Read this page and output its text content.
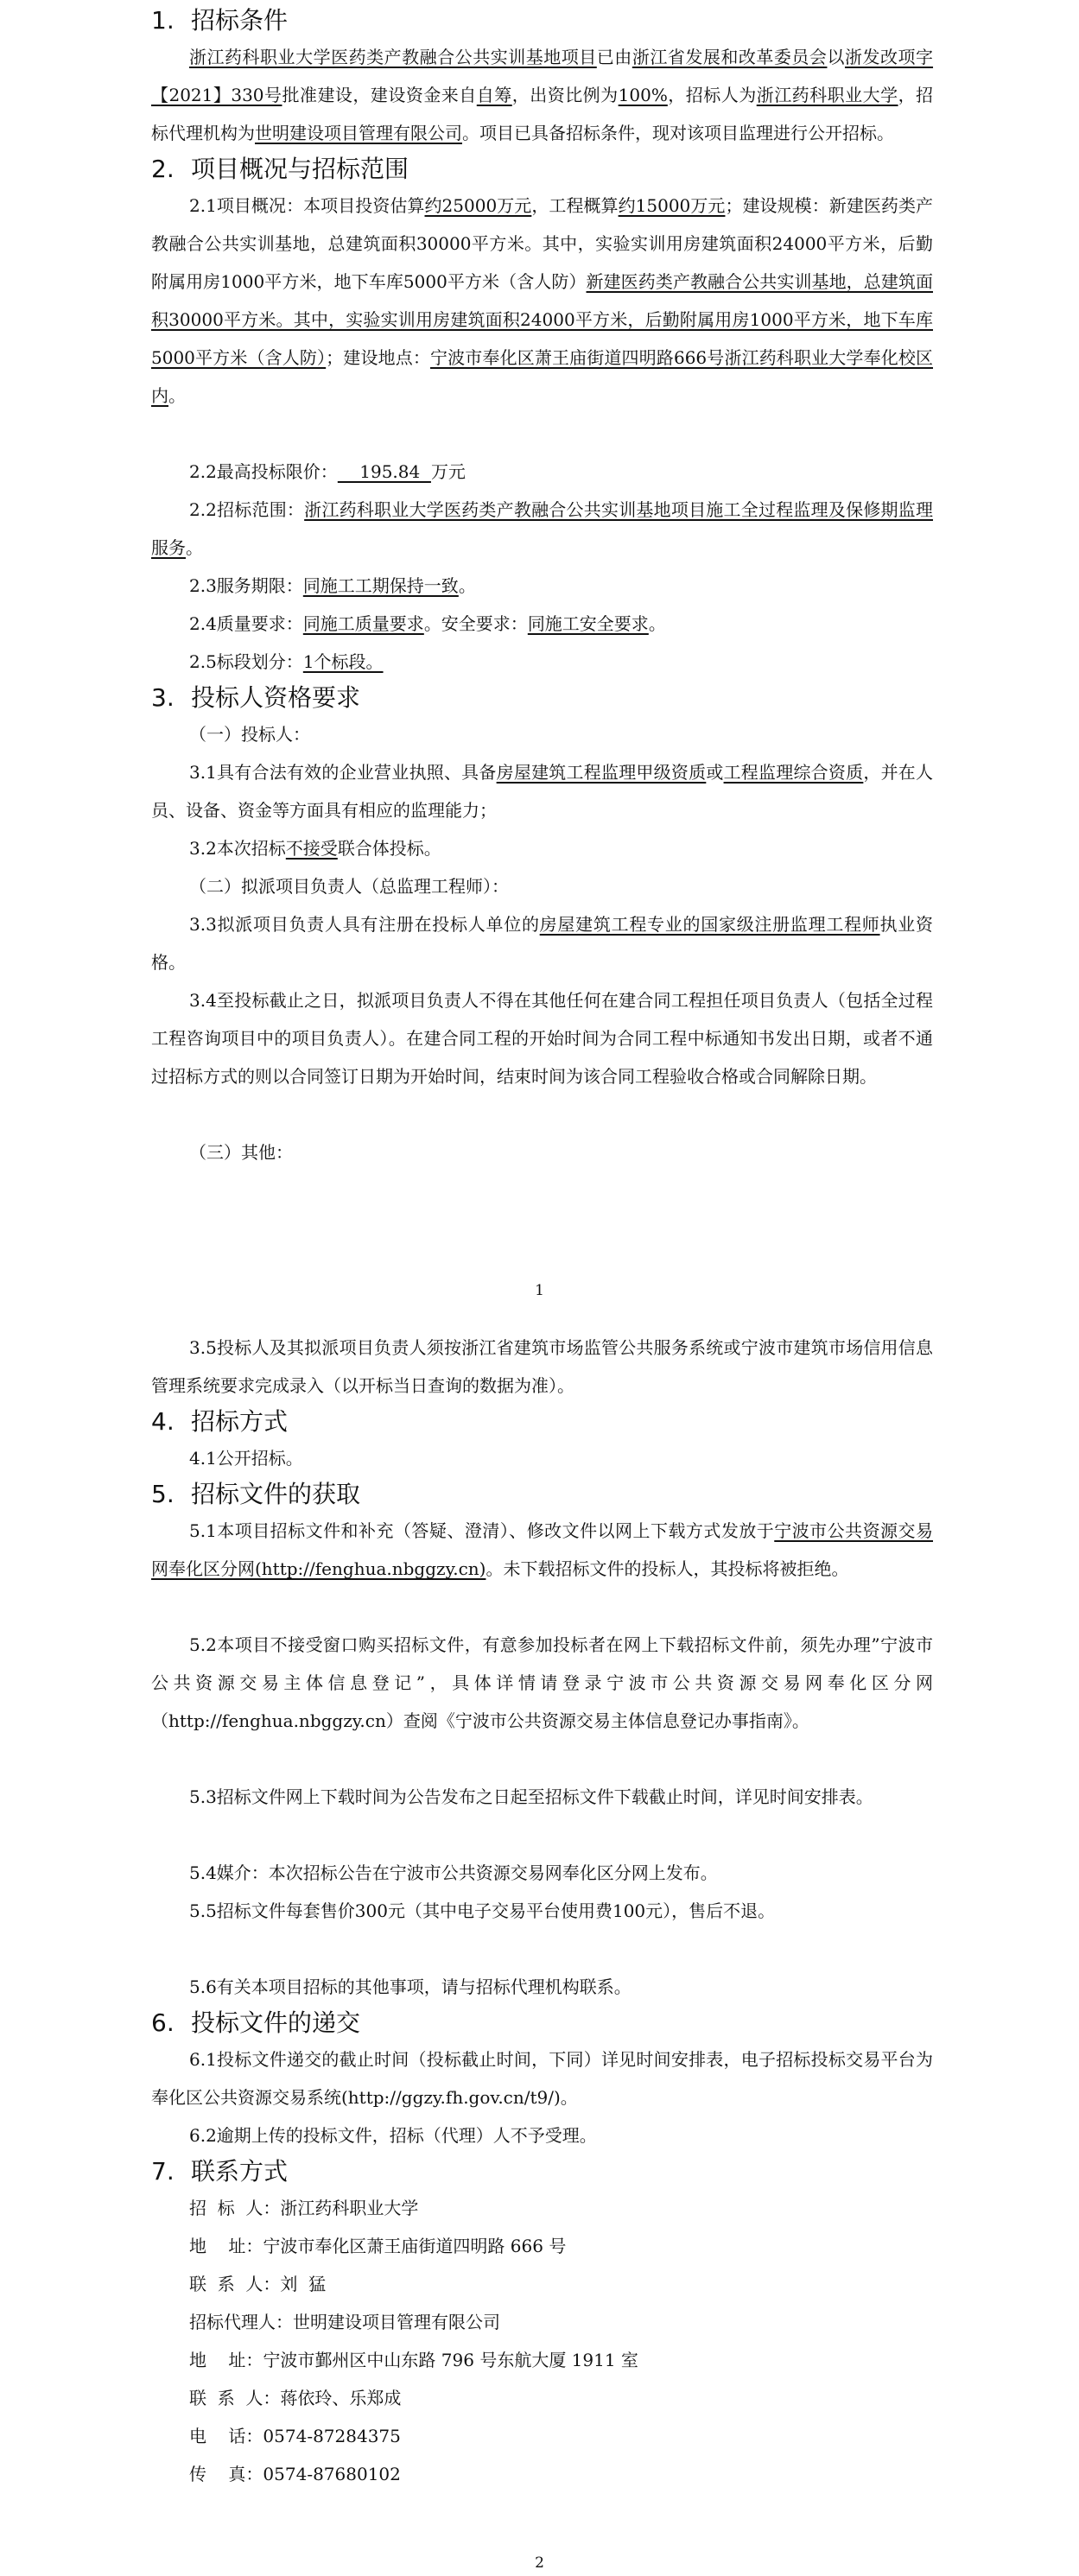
1. 招标条件

浙江药科职业大学医药类产教融合公共实训基地项目已由浙江省发展和改革委员会以浙发改项字【2021】330号批准建设，建设资金来自自筹，出资比例为100%，招标人为浙江药科职业大学，招标代理机构为世明建设项目管理有限公司。项目已具备招标条件，现对该项目监理进行公开招标。

2. 项目概况与招标范围

2.1项目概况：本项目投资估算约25000万元，工程概算约15000万元；建设规模：新建医药类产教融合公共实训基地，总建筑面积30000平方米。其中，实验实训用房建筑面积24000平方米，后勤附属用房1000平方米，地下车库5000平方米（含人防）新建医药类产教融合公共实训基地，总建筑面积30000平方米。其中，实验实训用房建筑面积24000平方米，后勤附属用房1000平方米，地下车库5000平方米（含人防）；建设地点：宁波市奉化区萧王庙街道四明路666号浙江药科职业大学奉化校区内。

2.2最高投标限价：    195.84  万元

2.2招标范围：浙江药科职业大学医药类产教融合公共实训基地项目施工全过程监理及保修期监理服务。

2.3服务期限：同施工工期保持一致。

2.4质量要求：同施工质量要求。安全要求：同施工安全要求。

2.5标段划分：1个标段。

3. 投标人资格要求

（一）投标人：

3.1具有合法有效的企业营业执照、具备房屋建筑工程监理甲级资质或工程监理综合资质，并在人员、设备、资金等方面具有相应的监理能力；

3.2本次招标不接受联合体投标。

（二）拟派项目负责人（总监理工程师）：

3.3拟派项目负责人具有注册在投标人单位的房屋建筑工程专业的国家级注册监理工程师执业资格。

3.4至投标截止之日，拟派项目负责人不得在其他任何在建合同工程担任项目负责人（包括全过程工程咨询项目中的项目负责人）。在建合同工程的开始时间为合同工程中标通知书发出日期，或者不通过招标方式的则以合同签订日期为开始时间，结束时间为该合同工程验收合格或合同解除日期。

（三）其他：

1

3.5投标人及其拟派项目负责人须按浙江省建筑市场监管公共服务系统或宁波市建筑市场信用信息管理系统要求完成录入（以开标当日查询的数据为准）。

4. 招标方式

4.1公开招标。

5. 招标文件的获取

5.1本项目招标文件和补充（答疑、澄清）、修改文件以网上下载方式发放于宁波市公共资源交易网奉化区分网(http://fenghua.nbggzy.cn)。未下载招标文件的投标人，其投标将被拒绝。

5.2本项目不接受窗口购买招标文件，有意参加投标者在网上下载招标文件前，须先办理”宁波市公共资源交易主体信息登记”，具体详情请登录宁波市公共资源交易网奉化区分网（http://fenghua.nbggzy.cn）查阅《宁波市公共资源交易主体信息登记办事指南》。

5.3招标文件网上下载时间为公告发布之日起至招标文件下载截止时间，详见时间安排表。

5.4媒介：本次招标公告在宁波市公共资源交易网奉化区分网上发布。

5.5招标文件每套售价300元（其中电子交易平台使用费100元），售后不退。

5.6有关本项目招标的其他事项，请与招标代理机构联系。

6. 投标文件的递交

6.1投标文件递交的截止时间（投标截止时间，下同）详见时间安排表，电子招标投标交易平台为奉化区公共资源交易系统(http://ggzy.fh.gov.cn/t9/)。

6.2逾期上传的投标文件，招标（代理）人不予受理。

7. 联系方式
招  标  人：浙江药科职业大学
地    址：宁波市奉化区萧王庙街道四明路 666 号
联  系  人：刘  猛
招标代理人：世明建设项目管理有限公司
地    址：宁波市鄞州区中山东路 796 号东航大厦 1911 室
联  系  人：蒋依玲、乐郑成
电    话：0574-87284375
传    真：0574-87680102
2
